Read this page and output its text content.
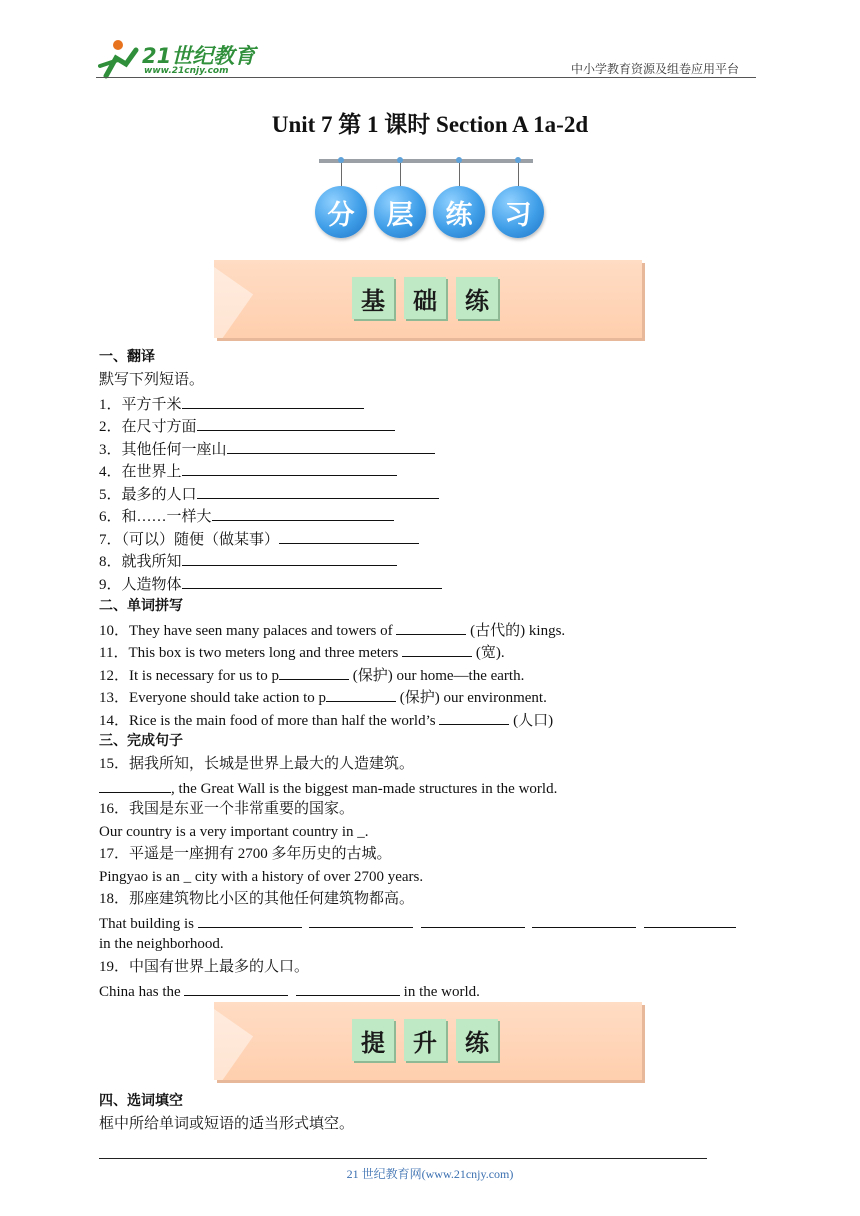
21世纪教育
www.21cnjy.com	中小学教育资源及组卷应用平台
Unit 7 第 1 课时 Section A 1a-2d
分	层	练	习
基	础	练
一、翻译
默写下列短语。
1．平方千米
2．在尺寸方面
3．其他任何一座山
4．在世界上
5．最多的人口
6．和……一样大
7．（可以）随便（做某事）
8．就我所知
9．人造物体
二、单词拼写
10．They have seen many palaces and towers of	(古代的) kings.
11．This box is two meters long and three meters	(宽).
12．It is necessary for us to p	(保护) our home—the earth.
13．Everyone should take action to p	(保护) our environment.
14．Rice is the main food of more than half the world’s	(人口)
三、完成句子
15．据我所知，长城是世界上最大的人造建筑。
, the Great Wall is the biggest man-made structures in the world.
16．我国是东亚一个非常重要的国家。
Our country is a very important country in _.
17．平遥是一座拥有 2700 多年历史的古城。
Pingyao is an _ city with a history of over 2700 years.
18．那座建筑物比小区的其他任何建筑物都高。
That building is
in the neighborhood.
19．中国有世界上最多的人口。
China has the	in the world.
提	升	练
四、选词填空
框中所给单词或短语的适当形式填空。
21 世纪教育网(www.21cnjy.com)
